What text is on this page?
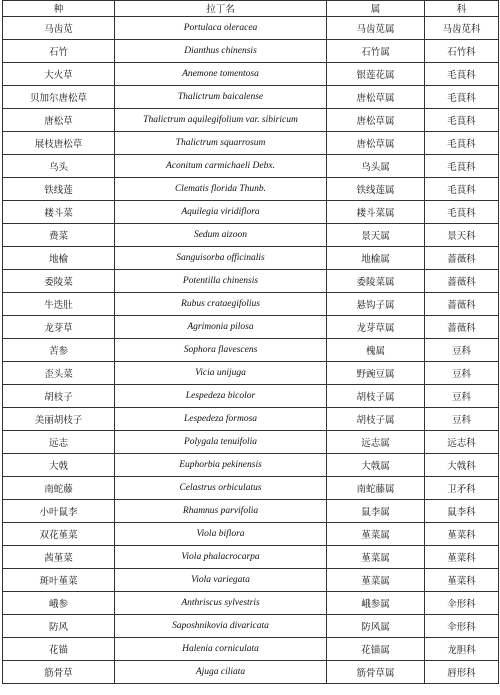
种	拉丁名	属	科
马齿苋	Portulaca oleracea	马齿苋属	马齿苋科
石竹	Dianthus chinensis	石竹属	石竹科
大火草	Anemone tomentosa	银莲花属	毛茛科
贝加尔唐松草	Thalictrum baicalense	唐松草属	毛茛科
唐松草	Thalictrum aquilegifolium var. sibiricum	唐松草属	毛茛科
展枝唐松草	Thalictrum squarrosum	唐松草属	毛茛科
乌头	Aconitum carmichaeli Debx.	乌头属	毛茛科
铁线莲	Clematis florida Thunb.	铁线莲属	毛茛科
耧斗菜	Aquilegia viridiflora	耧斗菜属	毛茛科
费菜	Sedum aizoon	景天属	景天科
地榆	Sanguisorba officinalis	地榆属	蔷薇科
委陵菜	Potentilla chinensis	委陵菜属	蔷薇科
牛迭肚	Rubus crataegifolius	悬钩子属	蔷薇科
龙芽草	Agrimonia pilosa	龙芽草属	蔷薇科
苦参	Sophora flavescens	槐属	豆科
歪头菜	Vicia unijuga	野豌豆属	豆科
胡枝子	Lespedeza bicolor	胡枝子属	豆科
美丽胡枝子	Lespedeza formosa	胡枝子属	豆科
远志	Polygala tenuifolia	远志属	远志科
大戟	Euphorbia pekinensis	大戟属	大戟科
南蛇藤	Celastrus orbiculatus	南蛇藤属	卫矛科
小叶鼠李	Rhamnus parvifolia	鼠李属	鼠李科
双花堇菜	Viola biflora	堇菜属	堇菜科
茜堇菜	Viola phalacrocarpa	堇菜属	堇菜科
斑叶堇菜	Viola variegata	堇菜属	堇菜科
峨参	Anthriscus sylvestris	峨参属	伞形科
防风	Saposhnikovia divaricata	防风属	伞形科
花锚	Halenia corniculata	花锚属	龙胆科
筋骨草	Ajuga ciliata	筋骨草属	唇形科
